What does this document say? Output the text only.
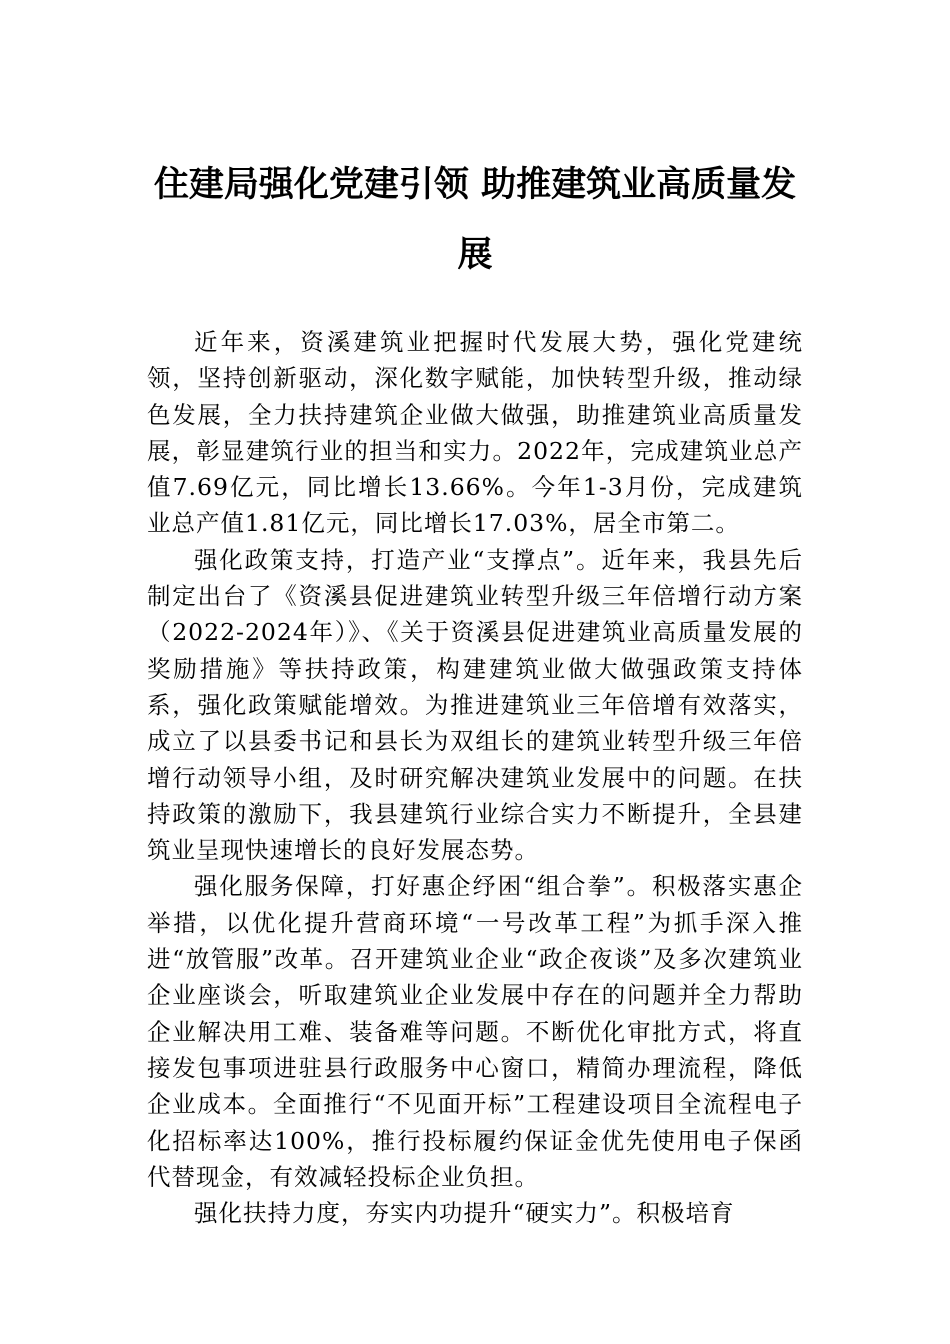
住建局强化党建引领 助推建筑业高质量发展

近年来，资溪建筑业把握时代发展大势，强化党建统领，坚持创新驱动，深化数字赋能，加快转型升级，推动绿色发展，全力扶持建筑企业做大做强，助推建筑业高质量发展，彰显建筑行业的担当和实力。2022年，完成建筑业总产值7.69亿元，同比增长13.66%。今年1-3月份，完成建筑业总产值1.81亿元，同比增长17.03%，居全市第二。

强化政策支持，打造产业“支撑点”。近年来，我县先后制定出台了《资溪县促进建筑业转型升级三年倍增行动方案（2022-2024年）》、《关于资溪县促进建筑业高质量发展的奖励措施》等扶持政策，构建建筑业做大做强政策支持体系，强化政策赋能增效。为推进建筑业三年倍增有效落实，成立了以县委书记和县长为双组长的建筑业转型升级三年倍增行动领导小组，及时研究解决建筑业发展中的问题。在扶持政策的激励下，我县建筑行业综合实力不断提升，全县建筑业呈现快速增长的良好发展态势。

强化服务保障，打好惠企纾困“组合拳”。积极落实惠企举措，以优化提升营商环境“一号改革工程”为抓手深入推进“放管服”改革。召开建筑业企业“政企夜谈”及多次建筑业企业座谈会，听取建筑业企业发展中存在的问题并全力帮助企业解决用工难、装备难等问题。不断优化审批方式，将直接发包事项进驻县行政服务中心窗口，精简办理流程，降低企业成本。全面推行“不见面开标”工程建设项目全流程电子化招标率达100%，推行投标履约保证金优先使用电子保函代替现金，有效减轻投标企业负担。

强化扶持力度，夯实内功提升“硬实力”。积极培育
